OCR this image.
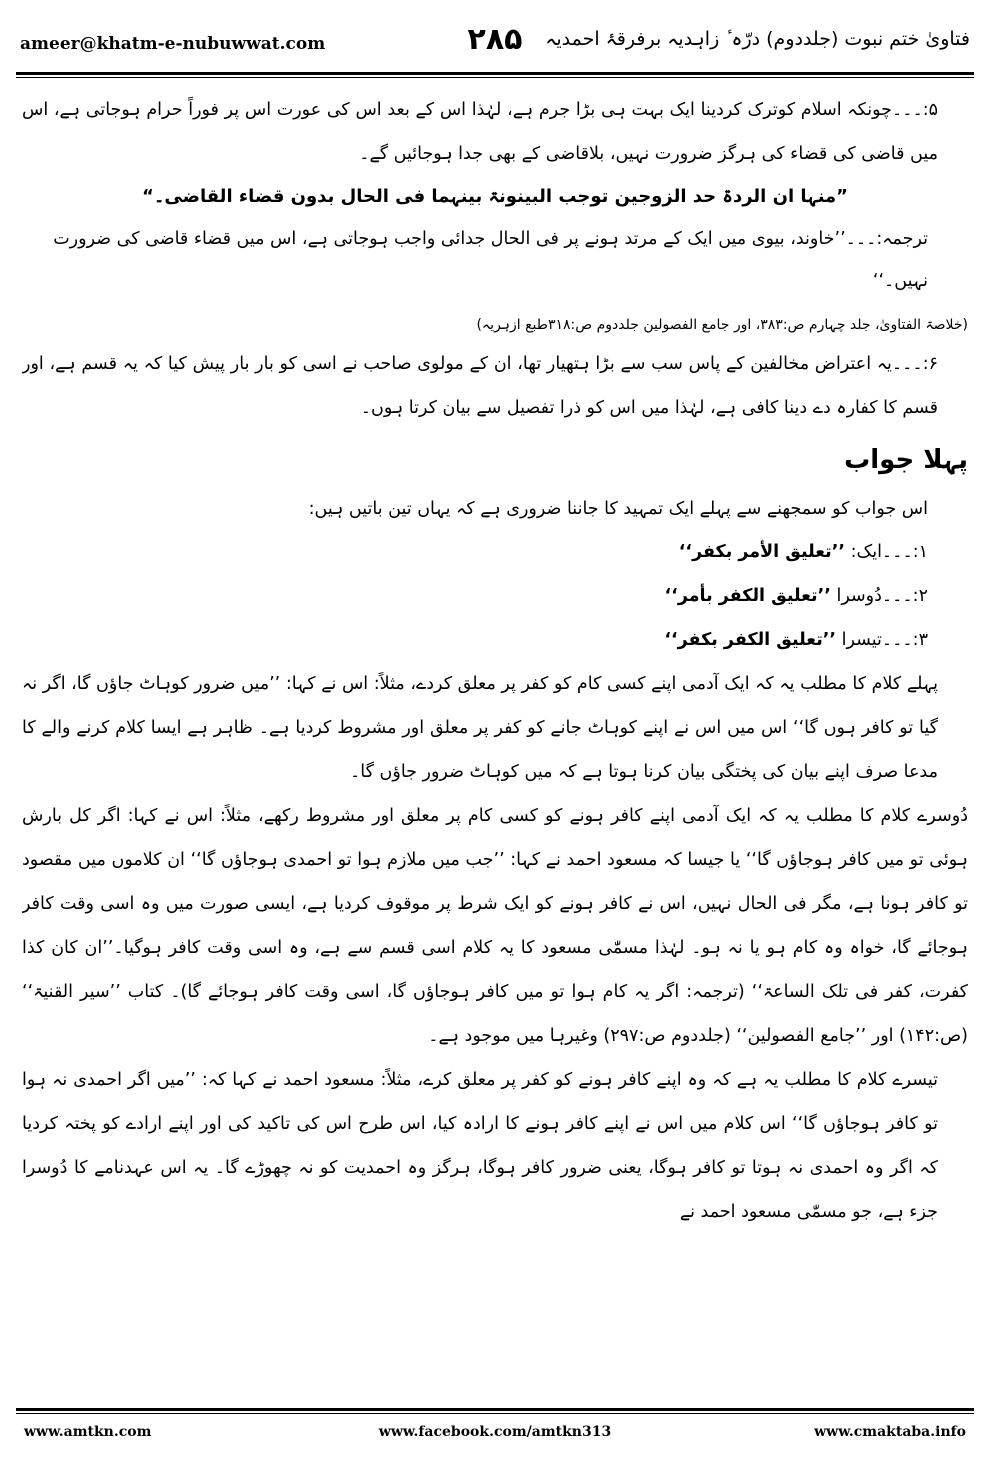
ameer@khatm-e-nubuwwat.com	۲۸۵	فتاویٰ ختم نبوت (جلددوم) درّہ ٔ زاہدیہ برفرقۂ احمدیہ

۵:۔۔۔چونکہ اسلام کوترک کردینا ایک بہت ہی بڑا جرم ہے، لہٰذا اس کے بعد اس کی عورت اس پر فوراً حرام ہوجاتی ہے، اس میں قاضی کی قضاء کی ہرگز ضرورت نہیں، بلاقاضی کے بھی جدا ہوجائیں گے۔

”منہا ان الردۃ حد الزوجین توجب البینونۃ بینہما فی الحال بدون قضاء القاضی۔“

ترجمہ:۔۔۔’’خاوند، بیوی میں ایک کے مرتد ہونے پر فی الحال جدائی واجب ہوجاتی ہے، اس میں قضاء قاضی کی ضرورت نہیں۔‘‘

(خلاصۃ الفتاویٰ، جلد چہارم ص:۳۸۳، اور جامع الفصولین جلددوم ص:۳۱۸طبع ازہریہ)

۶:۔۔۔یہ اعتراض مخالفین کے پاس سب سے بڑا ہتھیار تھا، ان کے مولوی صاحب نے اسی کو بار بار پیش کیا کہ یہ قسم ہے، اور قسم کا کفارہ دے دینا کافی ہے، لہٰذا میں اس کو ذرا تفصیل سے بیان کرتا ہوں۔

پہلا جواب

اس جواب کو سمجھنے سے پہلے ایک تمہید کا جاننا ضروری ہے کہ یہاں تین باتیں ہیں:

۱:۔۔۔ایک: ’’تعلیق الأمر بکفر‘‘

۲:۔۔۔دُوسرا ’’تعلیق الکفر بأمر‘‘

۳:۔۔۔تیسرا ’’تعلیق الکفر بکفر‘‘

پہلے کلام کا مطلب یہ کہ ایک آدمی اپنے کسی کام کو کفر پر معلق کردے، مثلاً: اس نے کہا: ’’میں ضرور کوہاٹ جاؤں گا، اگر نہ گیا تو کافر ہوں گا‘‘ اس میں اس نے اپنے کوہاٹ جانے کو کفر پر معلق اور مشروط کردیا ہے۔ ظاہر ہے ایسا کلام کرنے والے کا مدعا صرف اپنے بیان کی پختگی بیان کرنا ہوتا ہے کہ میں کوہاٹ ضرور جاؤں گا۔

دُوسرے کلام کا مطلب یہ کہ ایک آدمی اپنے کافر ہونے کو کسی کام پر معلق اور مشروط رکھے، مثلاً: اس نے کہا: اگر کل بارش ہوئی تو میں کافر ہوجاؤں گا‘‘ یا جیسا کہ مسعود احمد نے کہا: ’’جب میں ملازم ہوا تو احمدی ہوجاؤں گا‘‘ ان کلاموں میں مقصود تو کافر ہونا ہے، مگر فی الحال نہیں، اس نے کافر ہونے کو ایک شرط پر موقوف کردیا ہے، ایسی صورت میں وہ اسی وقت کافر ہوجائے گا، خواہ وہ کام ہو یا نہ ہو۔ لہٰذا مسمّٰی مسعود کا یہ کلام اسی قسم سے ہے، وہ اسی وقت کافر ہوگیا۔’’ان کان کذا کفرت، کفر فی تلک الساعۃ‘‘ (ترجمہ: اگر یہ کام ہوا تو میں کافر ہوجاؤں گا، اسی وقت کافر ہوجائے گا)۔ کتاب ’’سیر القنیۃ‘‘ (ص:۱۴۲) اور ’’جامع الفصولین‘‘ (جلددوم ص:۲۹۷) وغیرہا میں موجود ہے۔

تیسرے کلام کا مطلب یہ ہے کہ وہ اپنے کافر ہونے کو کفر پر معلق کرے، مثلاً: مسعود احمد نے کہا کہ: ’’میں اگر احمدی نہ ہوا تو کافر ہوجاؤں گا‘‘ اس کلام میں اس نے اپنے کافر ہونے کا ارادہ کیا، اس طرح اس کی تاکید کی اور اپنے ارادے کو پختہ کردیا کہ اگر وہ احمدی نہ ہوتا تو کافر ہوگا، یعنی ضرور کافر ہوگا، ہرگز وہ احمدیت کو نہ چھوڑے گا۔ یہ اس عہدنامے کا دُوسرا جزء ہے، جو مسمّٰی مسعود احمد نے

www.amtkn.com	www.facebook.com/amtkn313	www.cmaktaba.info
